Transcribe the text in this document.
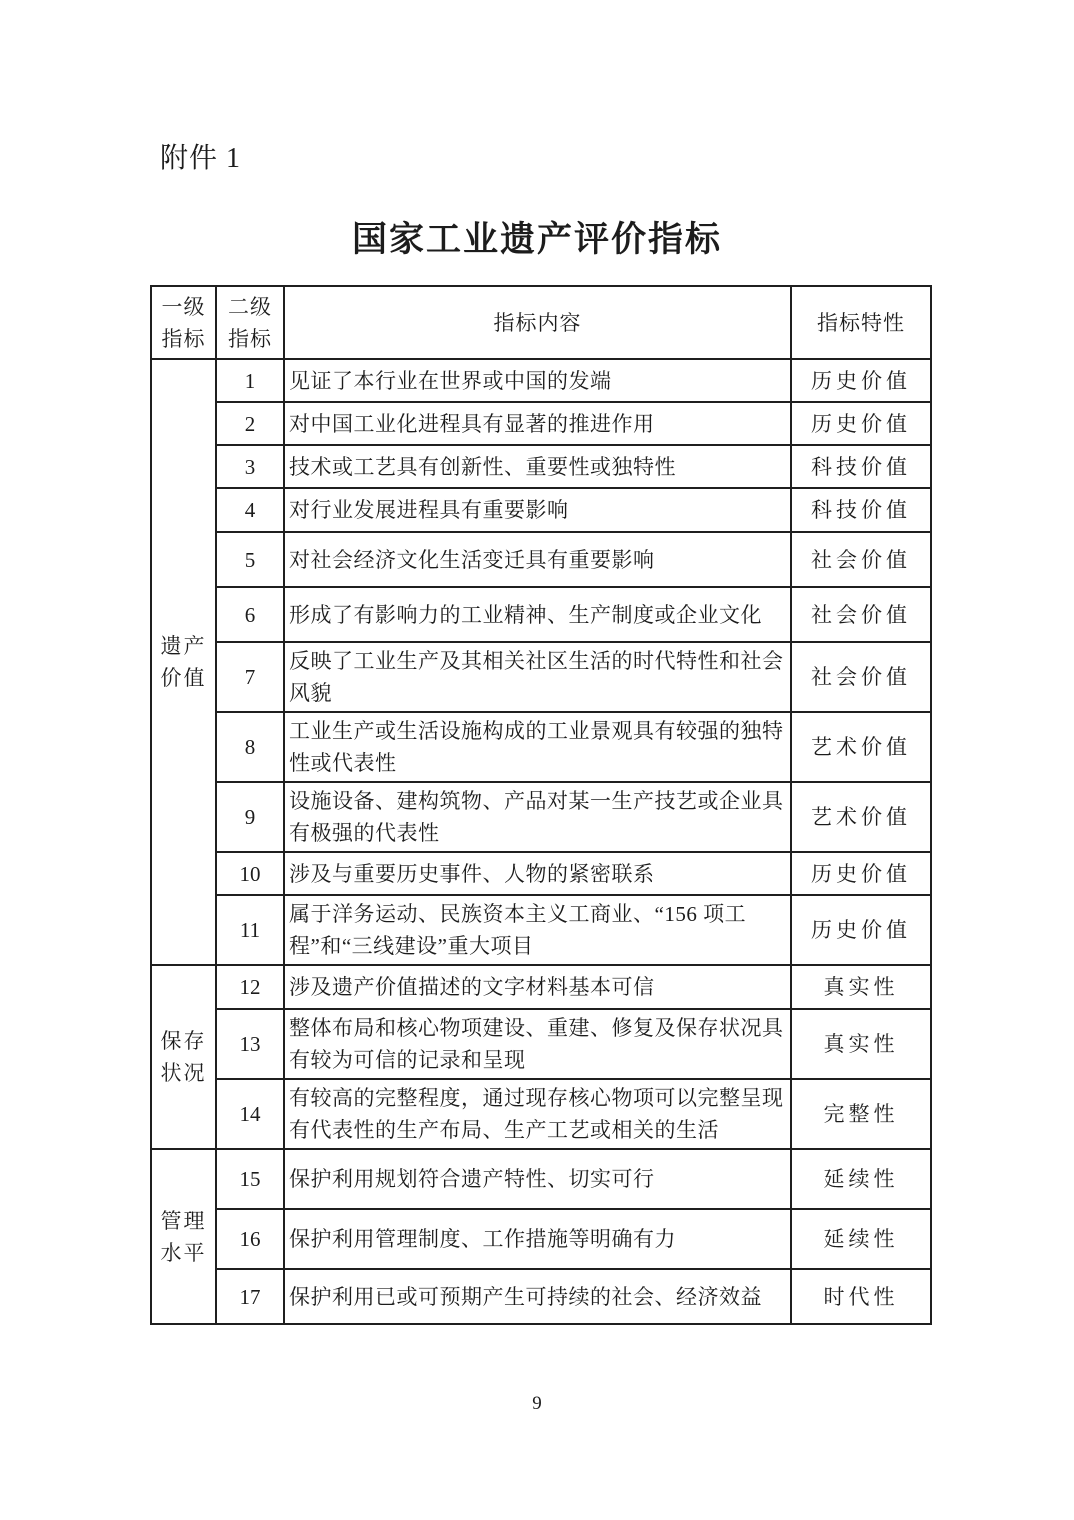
附件 1
国家工业遗产评价指标
一级指标	二级指标	指标内容	指标特性
遗产价值	1	见证了本行业在世界或中国的发端	历史价值
	2	对中国工业化进程具有显著的推进作用	历史价值
	3	技术或工艺具有创新性、重要性或独特性	科技价值
	4	对行业发展进程具有重要影响	科技价值
	5	对社会经济文化生活变迁具有重要影响	社会价值
	6	形成了有影响力的工业精神、生产制度或企业文化	社会价值
	7	反映了工业生产及其相关社区生活的时代特性和社会风貌	社会价值
	8	工业生产或生活设施构成的工业景观具有较强的独特性或代表性	艺术价值
	9	设施设备、建构筑物、产品对某一生产技艺或企业具有极强的代表性	艺术价值
	10	涉及与重要历史事件、人物的紧密联系	历史价值
	11	属于洋务运动、民族资本主义工商业、“156 项工程”和“三线建设”重大项目	历史价值
保存状况	12	涉及遗产价值描述的文字材料基本可信	真实性
	13	整体布局和核心物项建设、重建、修复及保存状况具有较为可信的记录和呈现	真实性
	14	有较高的完整程度，通过现存核心物项可以完整呈现有代表性的生产布局、生产工艺或相关的生活	完整性
管理水平	15	保护利用规划符合遗产特性、切实可行	延续性
	16	保护利用管理制度、工作措施等明确有力	延续性
	17	保护利用已或可预期产生可持续的社会、经济效益	时代性
9
